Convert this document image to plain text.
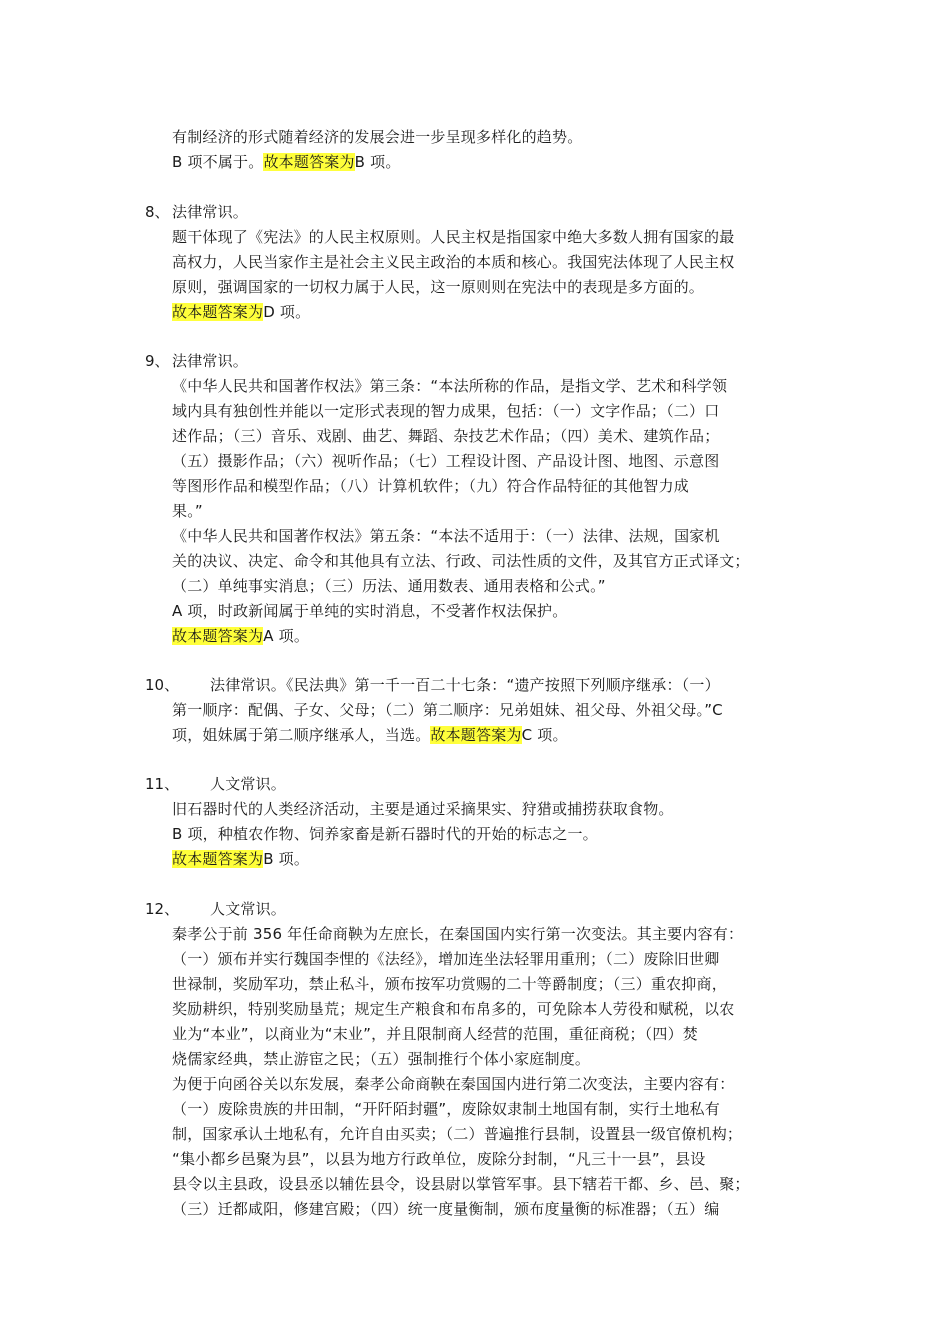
有制经济的形式随着经济的发展会进一步呈现多样化的趋势。
B 项不属于。故本题答案为B 项。
8、 法律常识。
题干体现了《宪法》的人民主权原则。人民主权是指国家中绝大多数人拥有国家的最
高权力，人民当家作主是社会主义民主政治的本质和核心。我国宪法体现了人民主权
原则，强调国家的一切权力属于人民，这一原则则在宪法中的表现是多方面的。
故本题答案为D 项。
9、 法律常识。
《中华人民共和国著作权法》第三条：“本法所称的作品，是指文学、艺术和科学领
域内具有独创性并能以一定形式表现的智力成果，包括：（一）文字作品；（二）口
述作品；（三）音乐、戏剧、曲艺、舞蹈、杂技艺术作品；（四）美术、建筑作品；
（五）摄影作品；（六）视听作品；（七）工程设计图、产品设计图、地图、示意图
等图形作品和模型作品；（八）计算机软件；（九）符合作品特征的其他智力成
果。”
《中华人民共和国著作权法》第五条：“本法不适用于：（一）法律、法规，国家机
关的决议、决定、命令和其他具有立法、行政、司法性质的文件，及其官方正式译文；
（二）单纯事实消息；（三）历法、通用数表、通用表格和公式。”
A 项，时政新闻属于单纯的实时消息，不受著作权法保护。
故本题答案为A 项。
10、	法律常识。《民法典》第一千一百二十七条：“遗产按照下列顺序继承：（一）
第一顺序：配偶、子女、父母；（二）第二顺序：兄弟姐妹、祖父母、外祖父母。”C
项，姐妹属于第二顺序继承人，当选。故本题答案为C 项。
11、	人文常识。
旧石器时代的人类经济活动，主要是通过采摘果实、狩猎或捕捞获取食物。
B 项，种植农作物、饲养家畜是新石器时代的开始的标志之一。
故本题答案为B 项。
12、	人文常识。
秦孝公于前 356 年任命商鞅为左庶长，在秦国国内实行第一次变法。其主要内容有：
（一）颁布并实行魏国李悝的《法经》，增加连坐法轻罪用重刑；（二）废除旧世卿
世禄制，奖励军功，禁止私斗，颁布按军功赏赐的二十等爵制度；（三）重农抑商，
奖励耕织，特别奖励垦荒；规定生产粮食和布帛多的，可免除本人劳役和赋税，以农
业为“本业”，以商业为“末业”，并且限制商人经营的范围，重征商税；（四）焚
烧儒家经典，禁止游宦之民；（五）强制推行个体小家庭制度。
为便于向函谷关以东发展，秦孝公命商鞅在秦国国内进行第二次变法，主要内容有：
（一）废除贵族的井田制，“开阡陌封疆”，废除奴隶制土地国有制，实行土地私有
制，国家承认土地私有，允许自由买卖；（二）普遍推行县制，设置县一级官僚机构；
“集小都乡邑聚为县”，以县为地方行政单位，废除分封制，“凡三十一县”，县设
县令以主县政，设县丞以辅佐县令，设县尉以掌管军事。县下辖若干都、乡、邑、聚；
（三）迁都咸阳，修建宫殿；（四）统一度量衡制，颁布度量衡的标准器；（五）编
